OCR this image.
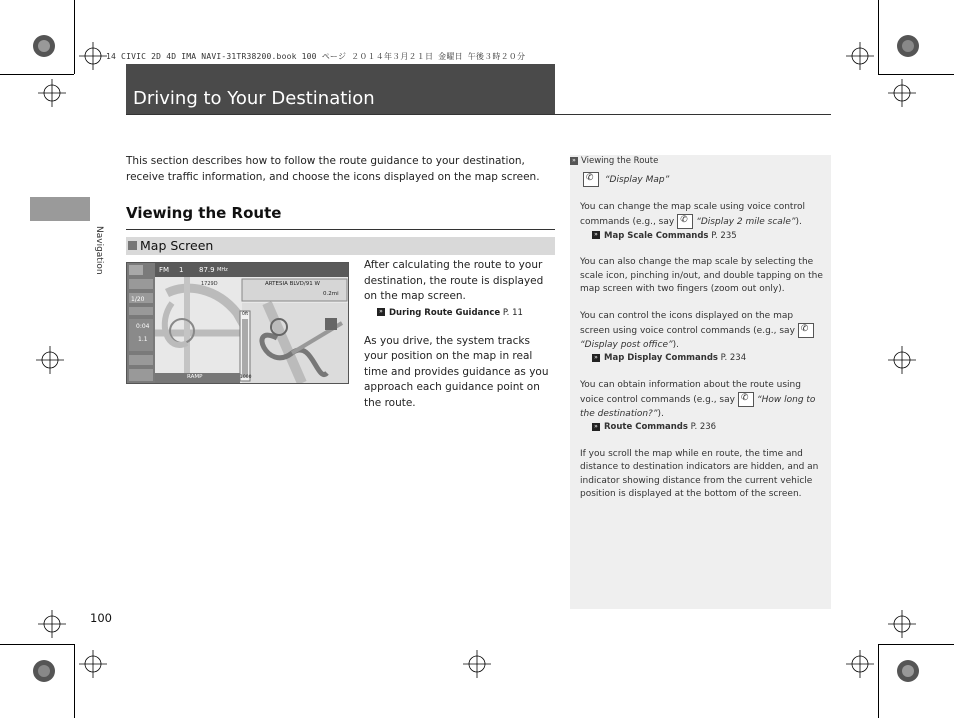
14 CIVIC 2D 4D IMA NAVI-31TR38200.book 100 ページ ２０１４年３月２１日 金曜日 午後３時２０分
Driving to Your Destination
Navigation
This section describes how to follow the route guidance to your destination, receive traffic information, and choose the icons displayed on the map screen.
Viewing the Route
Map Screen
FM 1 87.9 MHz
1729D	ARTESIA BLVD/91 W
0.2mi
1/20
0:04
1.1
RAMP
0ft
1000

After calculating the route to your destination, the route is displayed on the map screen.

» During Route Guidance P. 11

As you drive, the system tracks your position on the map in real time and provides guidance as you approach each guidance point on the route.

» Viewing the Route

✆ “Display Map”

You can change the map scale using voice control commands (e.g., say ✆ “Display 2 mile scale”).
» Map Scale Commands P. 235

You can also change the map scale by selecting the scale icon, pinching in/out, and double tapping on the map screen with two fingers (zoom out only).

You can control the icons displayed on the map screen using voice control commands (e.g., say✆“Display post office”).
» Map Display Commands P. 234

You can obtain information about the route using voice control commands (e.g., say ✆ “How long to the destination?”).
» Route Commands P. 236

If you scroll the map while en route, the time and distance to destination indicators are hidden, and an indicator showing distance from the current vehicle position is displayed at the bottom of the screen.

100
